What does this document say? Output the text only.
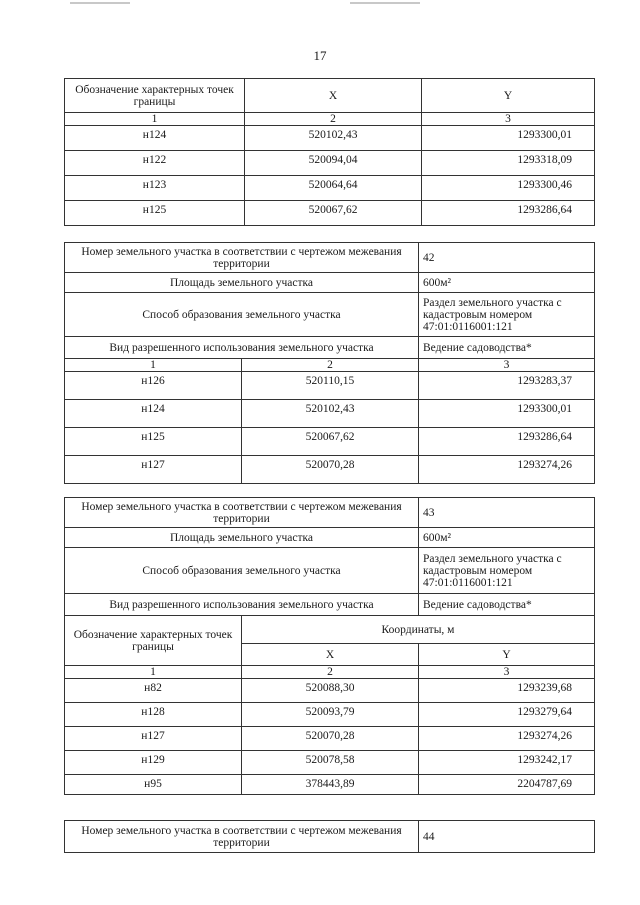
17
Обозначение характерных точек границы	X	Y
1	2	3
н124	520102,43	1293300,01
н122	520094,04	1293318,09
н123	520064,64	1293300,46
н125	520067,62	1293286,64
Номер земельного участка в соответствии с чертежом межевания территории		42
Площадь земельного участка		600м²
Способ образования земельного участка		Раздел земельного участка с кадастровым номером 47:01:0116001:121
Вид разрешенного использования земельного участка		Ведение садоводства*
1	2	3
н126	520110,15	1293283,37
н124	520102,43	1293300,01
н125	520067,62	1293286,64
н127	520070,28	1293274,26
Номер земельного участка в соответствии с чертежом межевания территории		43
Площадь земельного участка		600м²
Способ образования земельного участка		Раздел земельного участка с кадастровым номером 47:01:0116001:121
Вид разрешенного использования земельного участка		Ведение садоводства*
Обозначение характерных точек границы	Координаты, м	
	X	Y
1	2	3
н82	520088,30	1293239,68
н128	520093,79	1293279,64
н127	520070,28	1293274,26
н129	520078,58	1293242,17
н95	378443,89	2204787,69
Номер земельного участка в соответствии с чертежом межевания территории	44
